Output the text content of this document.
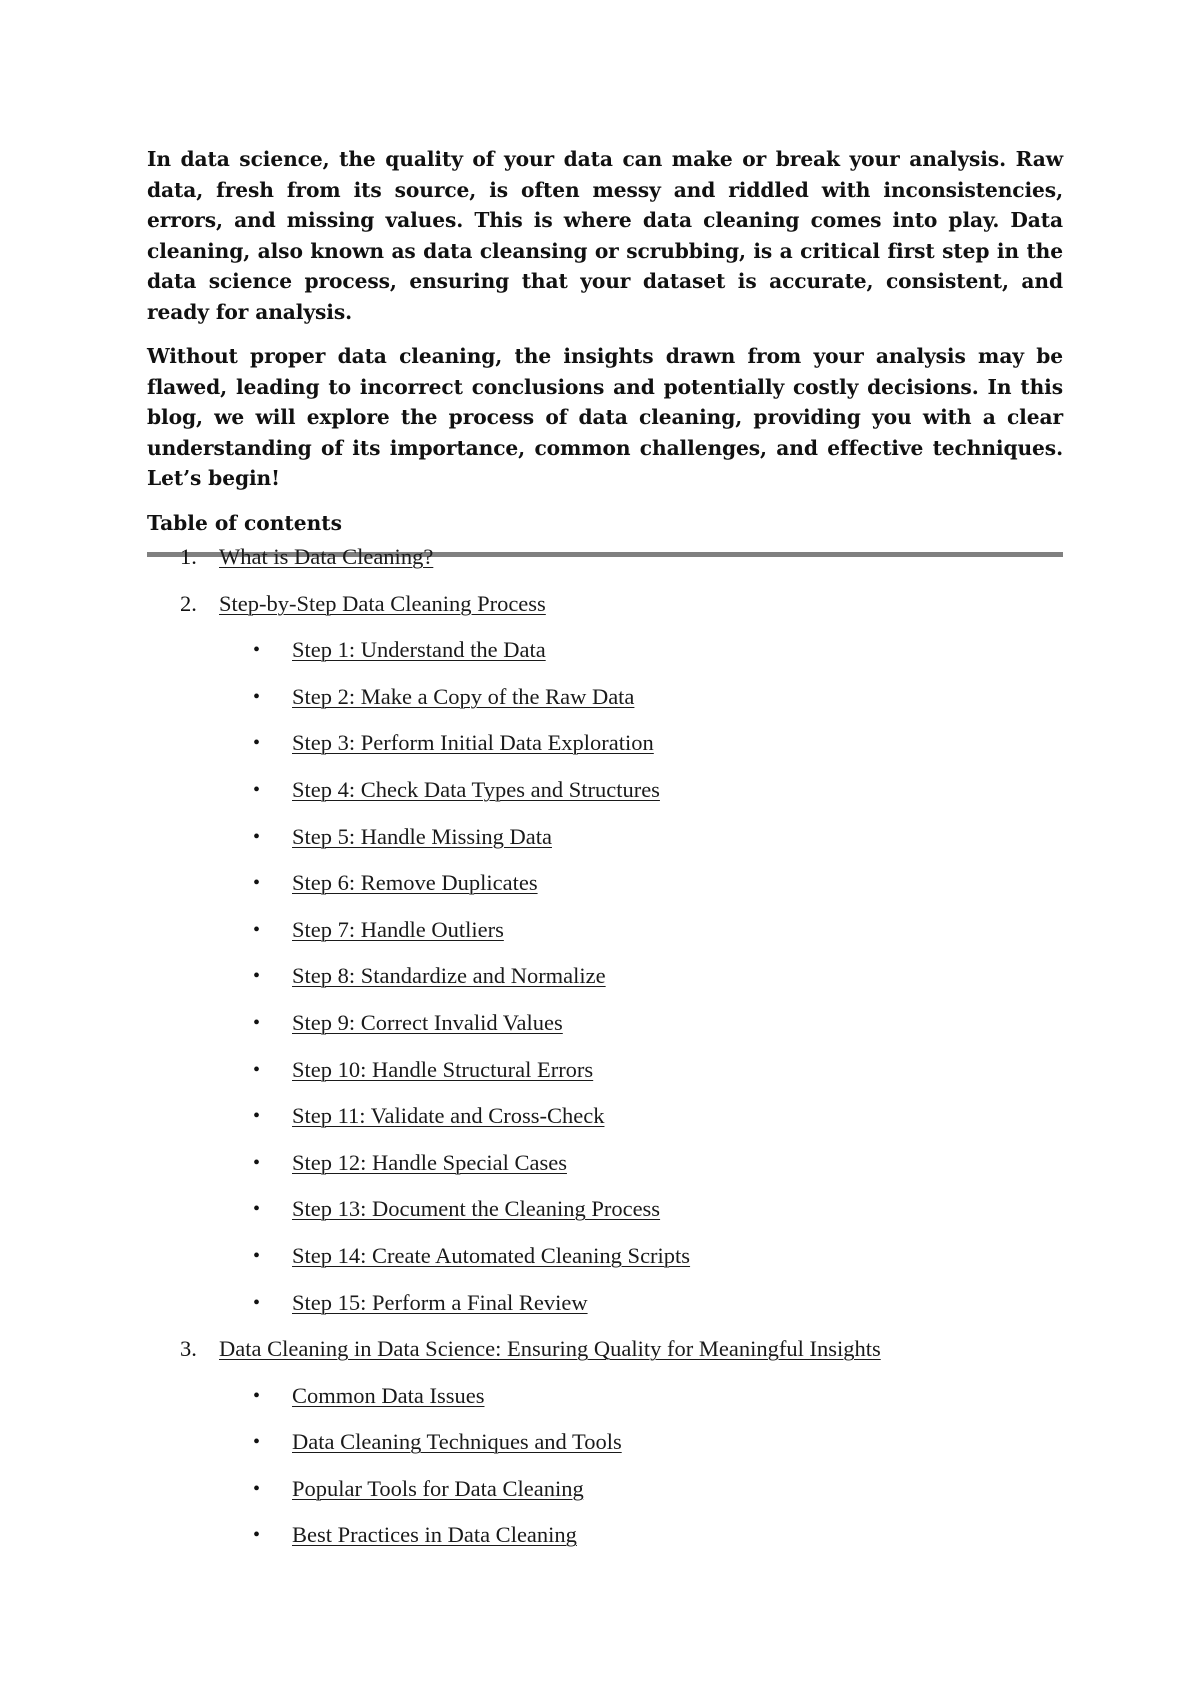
In data science, the quality of your data can make or break your analysis. Raw data, fresh from its source, is often messy and riddled with inconsistencies, errors, and missing values. This is where data cleaning comes into play. Data cleaning, also known as data cleansing or scrubbing, is a critical first step in the data science process, ensuring that your dataset is accurate, consistent, and ready for analysis.

Without proper data cleaning, the insights drawn from your analysis may be flawed, leading to incorrect conclusions and potentially costly decisions. In this blog, we will explore the process of data cleaning, providing you with a clear understanding of its importance, common challenges, and effective techniques. Let’s begin!

Table of contents

1. What is Data Cleaning?
2. Step-by-Step Data Cleaning Process
• Step 1: Understand the Data
• Step 2: Make a Copy of the Raw Data
• Step 3: Perform Initial Data Exploration
• Step 4: Check Data Types and Structures
• Step 5: Handle Missing Data
• Step 6: Remove Duplicates
• Step 7: Handle Outliers
• Step 8: Standardize and Normalize
• Step 9: Correct Invalid Values
• Step 10: Handle Structural Errors
• Step 11: Validate and Cross-Check
• Step 12: Handle Special Cases
• Step 13: Document the Cleaning Process
• Step 14: Create Automated Cleaning Scripts
• Step 15: Perform a Final Review
3. Data Cleaning in Data Science: Ensuring Quality for Meaningful Insights
• Common Data Issues
• Data Cleaning Techniques and Tools
• Popular Tools for Data Cleaning
• Best Practices in Data Cleaning
